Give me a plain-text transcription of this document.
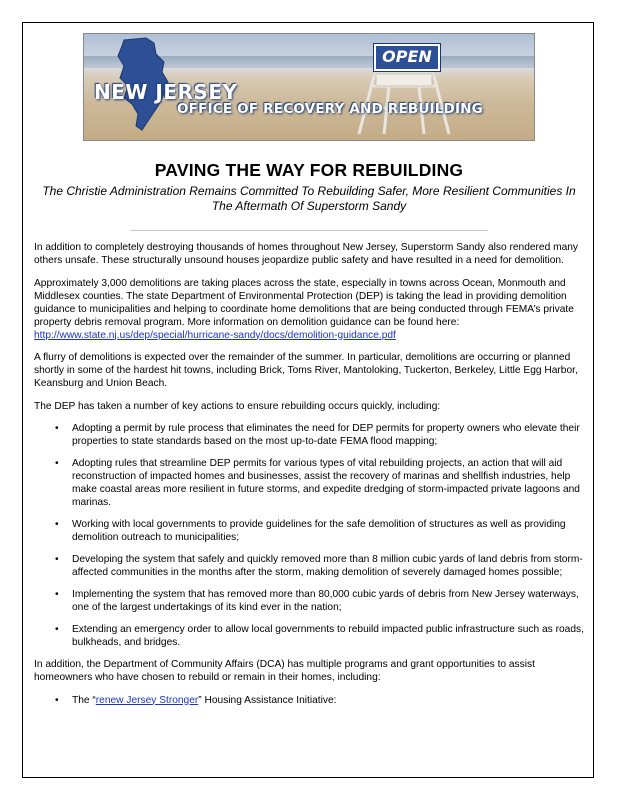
OPEN
NEW JERSEY
OFFICE OF RECOVERY AND REBUILDING
PAVING THE WAY FOR REBUILDING
The Christie Administration Remains Committed To Rebuilding Safer, More Resilient Communities In The Aftermath Of Superstorm Sandy

In addition to completely destroying thousands of homes throughout New Jersey, Superstorm Sandy also rendered many others unsafe. These structurally unsound houses jeopardize public safety and have resulted in a need for demolition.

Approximately 3,000 demolitions are taking places across the state, especially in towns across Ocean, Monmouth and Middlesex counties. The state Department of Environmental Protection (DEP) is taking the lead in providing demolition guidance to municipalities and helping to coordinate home demolitions that are being conducted through FEMA’s private property debris removal program. More information on demolition guidance can be found here:
http://www.state.nj.us/dep/special/hurricane-sandy/docs/demolition-guidance.pdf

A flurry of demolitions is expected over the remainder of the summer. In particular, demolitions are occurring or planned shortly in some of the hardest hit towns, including Brick, Toms River, Mantoloking, Tuckerton, Berkeley, Little Egg Harbor, Keansburg and Union Beach.

The DEP has taken a number of key actions to ensure rebuilding occurs quickly, including:

• Adopting a permit by rule process that eliminates the need for DEP permits for property owners who elevate their properties to state standards based on the most up-to-date FEMA flood mapping;
• Adopting rules that streamline DEP permits for various types of vital rebuilding projects, an action that will aid reconstruction of impacted homes and businesses, assist the recovery of marinas and shellfish industries, help make coastal areas more resilient in future storms, and expedite dredging of storm-impacted private lagoons and marinas.
• Working with local governments to provide guidelines for the safe demolition of structures as well as providing demolition outreach to municipalities;
• Developing the system that safely and quickly removed more than 8 million cubic yards of land debris from storm-affected communities in the months after the storm, making demolition of severely damaged homes possible;
• Implementing the system that has removed more than 80,000 cubic yards of debris from New Jersey waterways, one of the largest undertakings of its kind ever in the nation;
• Extending an emergency order to allow local governments to rebuild impacted public infrastructure such as roads, bulkheads, and bridges.

In addition, the Department of Community Affairs (DCA) has multiple programs and grant opportunities to assist homeowners who have chosen to rebuild or remain in their homes, including:

• The “renew Jersey Stronger” Housing Assistance Initiative:
